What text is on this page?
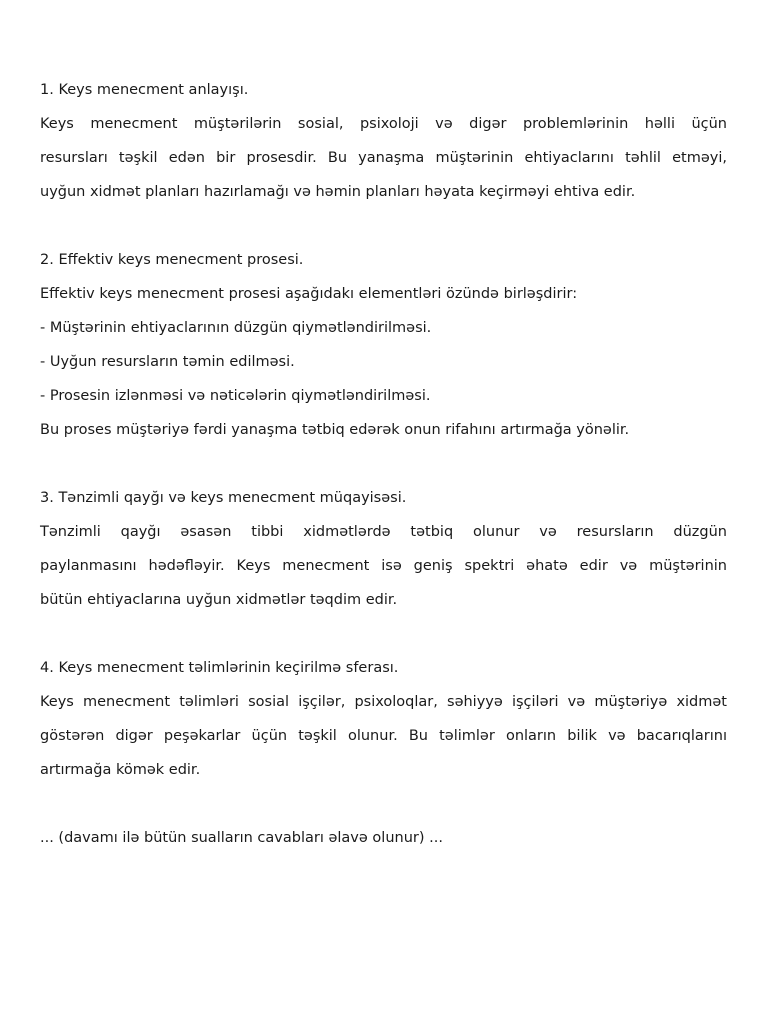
1. Keys menecment anlayışı.

Keys menecment müştərilərin sosial, psixoloji və digər problemlərinin həlli üçün

resursları təşkil edən bir prosesdir. Bu yanaşma müştərinin ehtiyaclarını təhlil etməyi,

uyğun xidmət planları hazırlamağı və həmin planları həyata keçirməyi ehtiva edir.

2. Effektiv keys menecment prosesi.

Effektiv keys menecment prosesi aşağıdakı elementləri özündə birləşdirir:

- Müştərinin ehtiyaclarının düzgün qiymətləndirilməsi.

- Uyğun resursların təmin edilməsi.

- Prosesin izlənməsi və nəticələrin qiymətləndirilməsi.

Bu proses müştəriyə fərdi yanaşma tətbiq edərək onun rifahını artırmağa yönəlir.

3. Tənzimli qayğı və keys menecment müqayisəsi.

Tənzimli qayğı əsasən tibbi xidmətlərdə tətbiq olunur və resursların düzgün

paylanmasını hədəfləyir. Keys menecment isə geniş spektri əhatə edir və müştərinin

bütün ehtiyaclarına uyğun xidmətlər təqdim edir.

4. Keys menecment təlimlərinin keçirilmə sferası.

Keys menecment təlimləri sosial işçilər, psixoloqlar, səhiyyə işçiləri və müştəriyə xidmət

göstərən digər peşəkarlar üçün təşkil olunur. Bu təlimlər onların bilik və bacarıqlarını

artırmağa kömək edir.

... (davamı ilə bütün sualların cavabları əlavə olunur) ...
